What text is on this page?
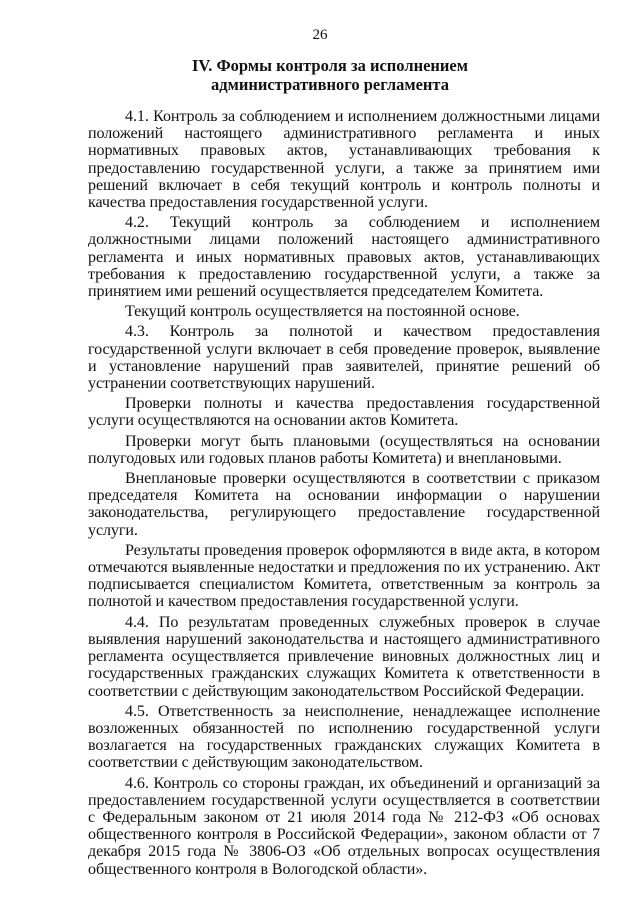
26
IV. Формы контроля за исполнением
административного регламента

4.1. Контроль за соблюдением и исполнением должностными лицами положений настоящего административного регламента и иных нормативных правовых актов, устанавливающих требования к предоставлению государственной услуги, а также за принятием ими решений включает в себя текущий контроль и контроль полноты и качества предоставления государственной услуги.

4.2. Текущий контроль за соблюдением и исполнением должностными лицами положений настоящего административного регламента и иных нормативных правовых актов, устанавливающих требования к предоставлению государственной услуги, а также за принятием ими решений осуществляется председателем Комитета.

Текущий контроль осуществляется на постоянной основе.

4.3. Контроль за полнотой и качеством предоставления государственной услуги включает в себя проведение проверок, выявление и установление нарушений прав заявителей, принятие решений об устранении соответствующих нарушений.

Проверки полноты и качества предоставления государственной услуги осуществляются на основании актов Комитета.

Проверки могут быть плановыми (осуществляться на основании полугодовых или годовых планов работы Комитета) и внеплановыми.

Внеплановые проверки осуществляются в соответствии с приказом председателя Комитета на основании информации о нарушении законодательства, регулирующего предоставление государственной услуги.

Результаты проведения проверок оформляются в виде акта, в котором отмечаются выявленные недостатки и предложения по их устранению. Акт подписывается специалистом Комитета, ответственным за контроль за полнотой и качеством предоставления государственной услуги.

4.4. По результатам проведенных служебных проверок в случае выявления нарушений законодательства и настоящего административного регламента осуществляется привлечение виновных должностных лиц и государственных гражданских служащих Комитета к ответственности в соответствии с действующим законодательством Российской Федерации.

4.5. Ответственность за неисполнение, ненадлежащее исполнение возложенных обязанностей по исполнению государственной услуги возлагается на государственных гражданских служащих Комитета в соответствии с действующим законодательством.

4.6. Контроль со стороны граждан, их объединений и организаций за предоставлением государственной услуги осуществляется в соответствии с Федеральным законом от 21 июля 2014 года № 212-ФЗ «Об основах общественного контроля в Российской Федерации», законом области от 7 декабря 2015 года № 3806-ОЗ «Об отдельных вопросах осуществления общественного контроля в Вологодской области».
